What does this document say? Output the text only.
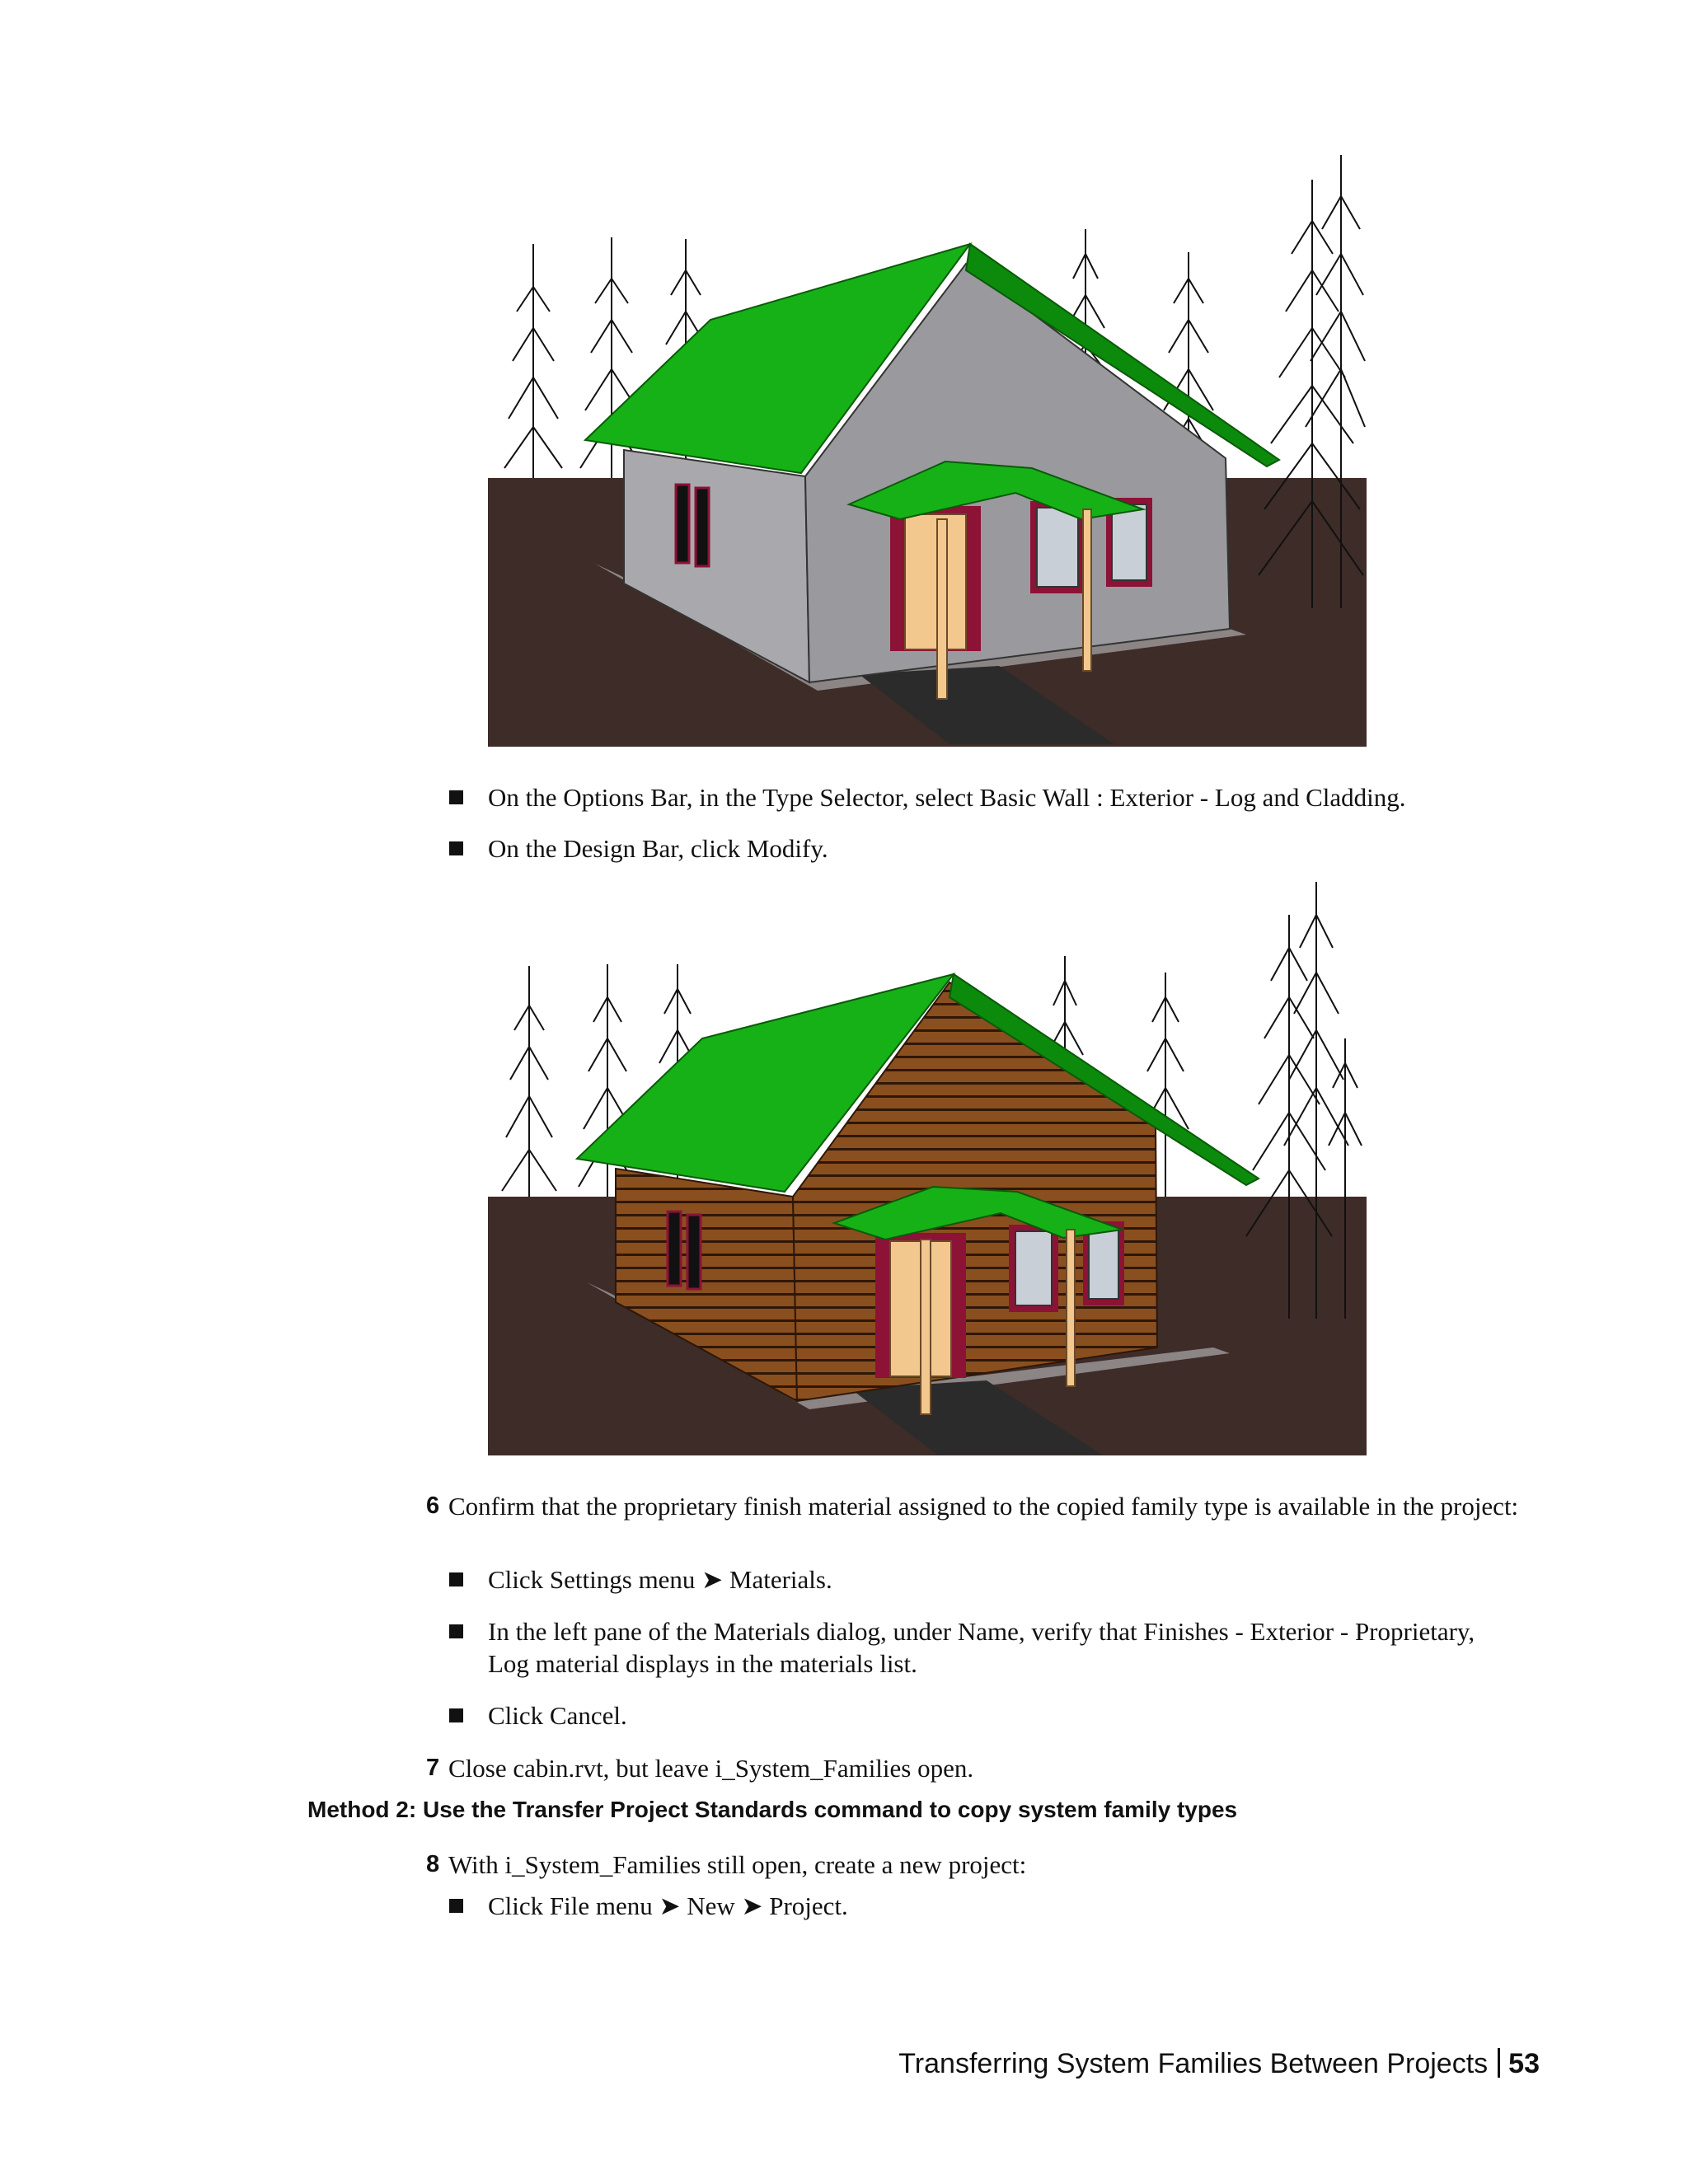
On the Options Bar, in the Type Selector, select Basic Wall : Exterior - Log and Cladding.
On the Design Bar, click Modify.
6 Confirm that the proprietary finish material assigned to the copied family type is available in the project:
Click Settings menu ➤ Materials.
In the left pane of the Materials dialog, under Name, verify that Finishes - Exterior - Proprietary, Log material displays in the materials list.
Click Cancel.
7 Close cabin.rvt, but leave i_System_Families open.
Method 2: Use the Transfer Project Standards command to copy system family types
8 With i_System_Families still open, create a new project:
Click File menu ➤ New ➤ Project.
Transferring System Families Between Projects 53
